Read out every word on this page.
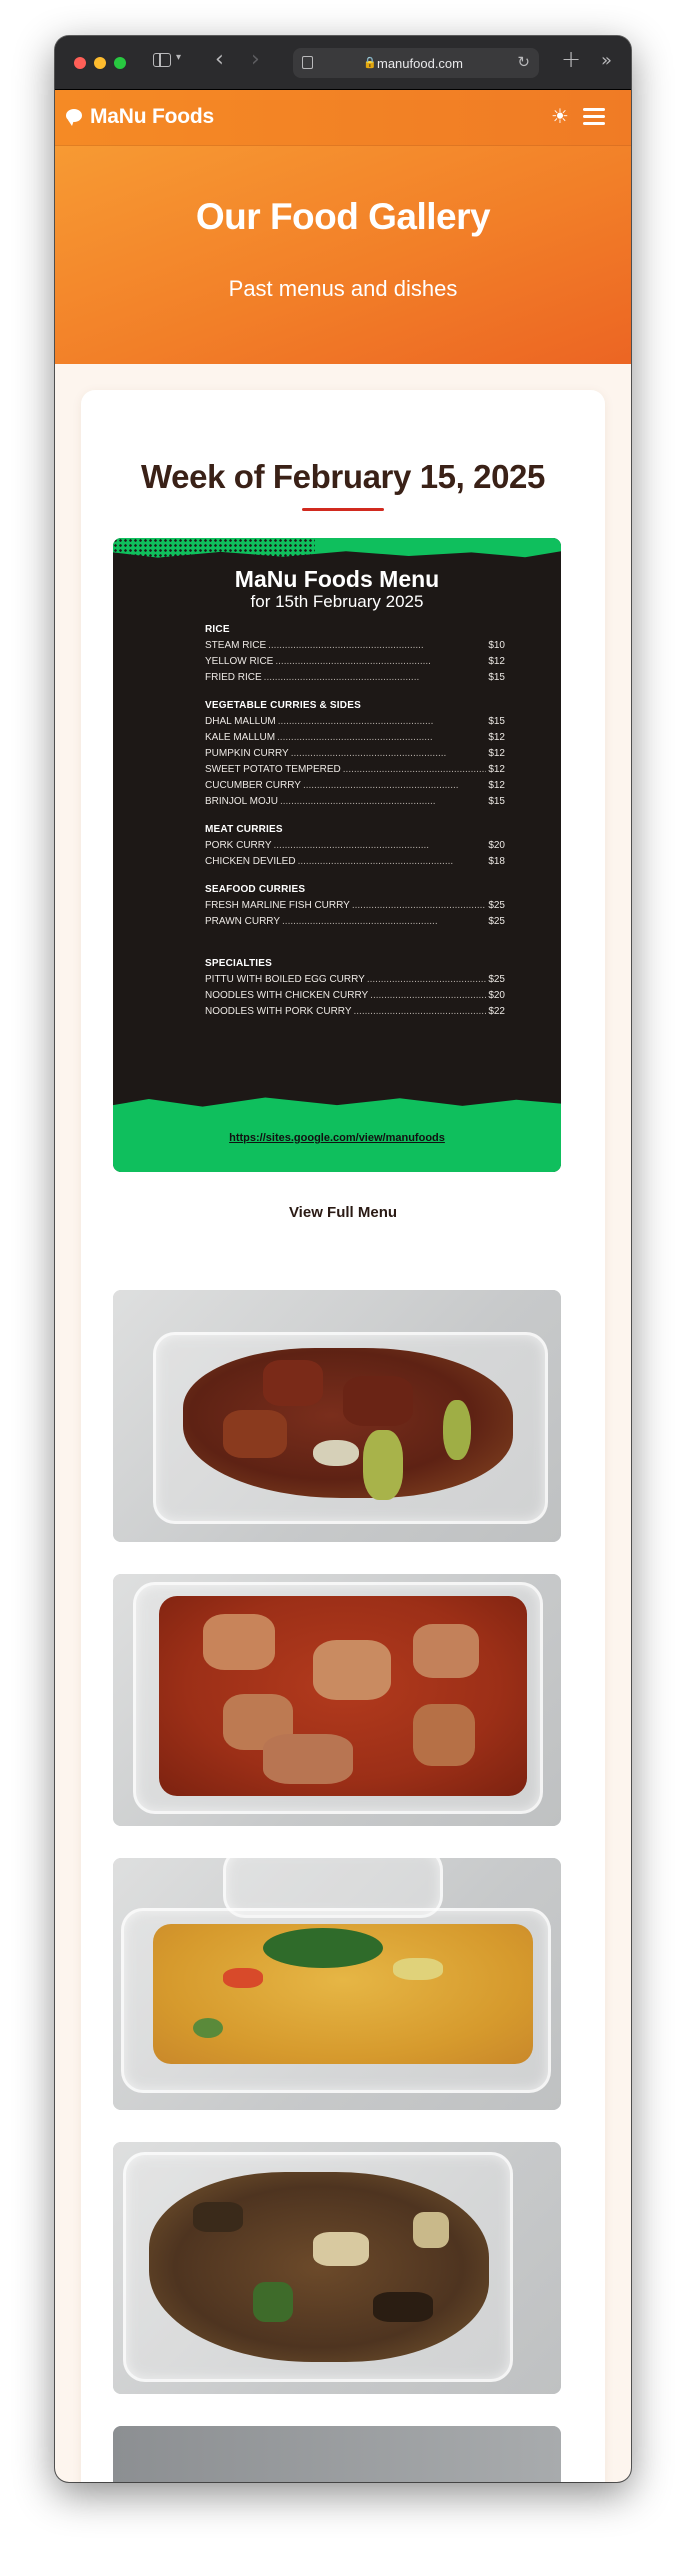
▾ ‹ ›	🔒 manufood.com	↻ + »
MaNu Foods	☀
Our Food Gallery

Past menus and dishes

Week of February 15, 2025
MaNu Foods Menu
for 15th February 2025
RICE
STEAM RICE .....	$10
YELLOW RICE .....	$12
FRIED RICE .....	$15
VEGETABLE CURRIES & SIDES
DHAL MALLUM .....	$15
KALE MALLUM .....	$12
PUMPKIN CURRY .....	$12
SWEET POTATO TEMPERED .....	$12
CUCUMBER CURRY .....	$12
BRINJOL MOJU .....	$15
MEAT CURRIES
PORK CURRY .....	$20
CHICKEN DEVILED .....	$18
SEAFOOD CURRIES
FRESH MARLINE FISH CURRY .....	$25
PRAWN CURRY .....	$25
SPECIALTIES
PITTU WITH BOILED EGG CURRY .....	$25
NOODLES WITH CHICKEN CURRY .....	$20
NOODLES WITH PORK CURRY .....	$22
https://sites.google.com/view/manufoods
View Full Menu
